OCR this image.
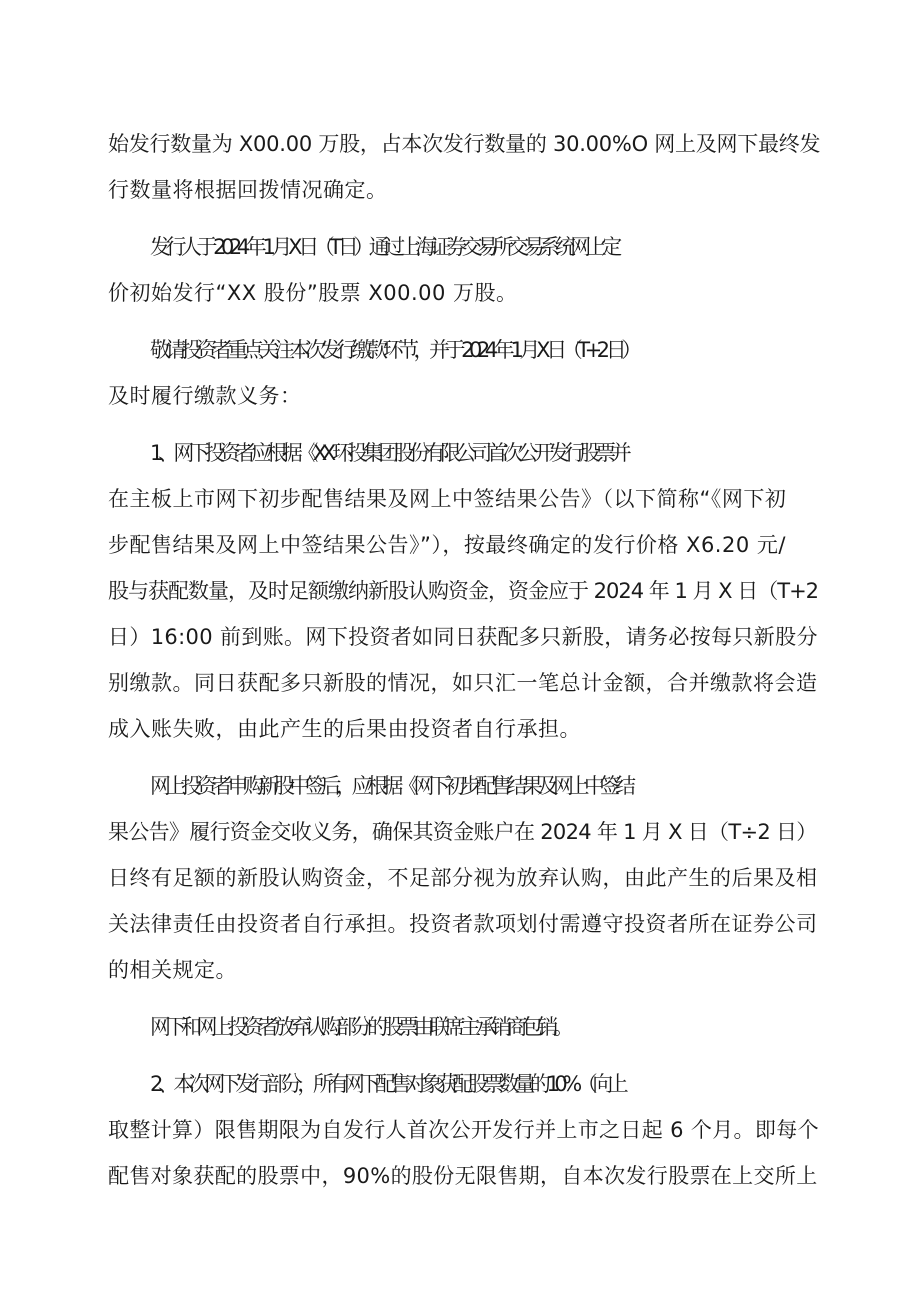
始发行数量为 X00.00 万股，占本次发行数量的 30.00%O 网上及网下最终发
行数量将根据回拨情况确定。
发行人于 2024 年 1 月 X 日（T 日）通过上海证券交易所交易系统网上定
价初始发行“XX 股份”股票 X00.00 万股。
敬请投资者重点关注本次发行缴款环节，并于 2024 年 1 月 X 日（T+2 日）
及时履行缴款义务：
1、网下投资者应根据《XX 环投集团股份有限公司首次公开发行股票并
在主板上市网下初步配售结果及网上中签结果公告》（以下简称“《网下初
步配售结果及网上中签结果公告》”），按最终确定的发行价格 X6.20 元/
股与获配数量，及时足额缴纳新股认购资金，资金应于 2024 年 1 月 X 日（T+2
日）16:00 前到账。网下投资者如同日获配多只新股，请务必按每只新股分
别缴款。同日获配多只新股的情况，如只汇一笔总计金额，合并缴款将会造
成入账失败，由此产生的后果由投资者自行承担。
网上投资者申购新股中签后，应根据《网下初步配售结果及网上中签结
果公告》履行资金交收义务，确保其资金账户在 2024 年 1 月 X 日（T÷2 日）
日终有足额的新股认购资金，不足部分视为放弃认购，由此产生的后果及相
关法律责任由投资者自行承担。投资者款项划付需遵守投资者所在证券公司
的相关规定。
网下和网上投资者放弃认购部分的股票由联席主承销商包销。
2、本次网下发行部分，所有网下配售对象获配股票数量的 10%（向上
取整计算）限售期限为自发行人首次公开发行并上市之日起 6 个月。即每个
配售对象获配的股票中，90%的股份无限售期，自本次发行股票在上交所上
